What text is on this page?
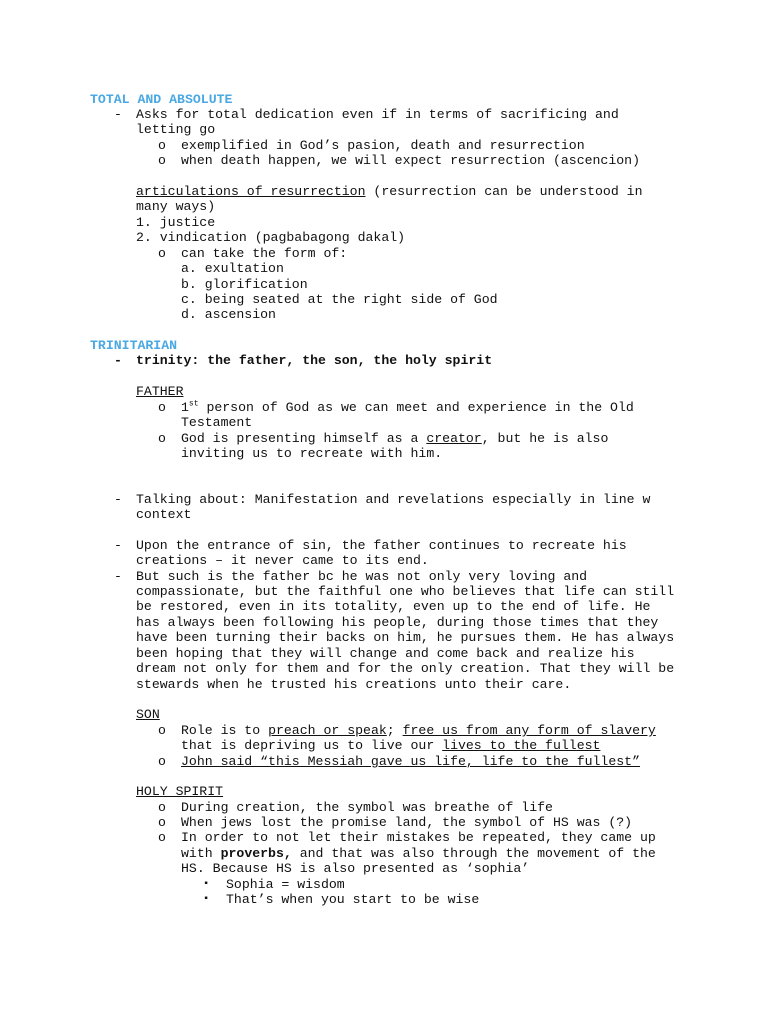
TOTAL AND ABSOLUTE
- Asks for total dedication even if in terms of sacrificing and
letting go
o exemplified in God’s pasion, death and resurrection
o when death happen, we will expect resurrection (ascencion)
articulations of resurrection (resurrection can be understood in
many ways)
1. justice
2. vindication (pagbabagong dakal)
o can take the form of:
a. exultation
b. glorification
c. being seated at the right side of God
d. ascension
TRINITARIAN
- trinity: the father, the son, the holy spirit
FATHER
o 1st person of God as we can meet and experience in the Old
Testament
o God is presenting himself as a creator, but he is also
inviting us to recreate with him.
- Talking about: Manifestation and revelations especially in line w
context
- Upon the entrance of sin, the father continues to recreate his
creations – it never came to its end.
- But such is the father bc he was not only very loving and
compassionate, but the faithful one who believes that life can still
be restored, even in its totality, even up to the end of life. He
has always been following his people, during those times that they
have been turning their backs on him, he pursues them. He has always
been hoping that they will change and come back and realize his
dream not only for them and for the only creation. That they will be
stewards when he trusted his creations unto their care.
SON
o Role is to preach or speak; free us from any form of slavery
that is depriving us to live our lives to the fullest
o John said “this Messiah gave us life, life to the fullest”
HOLY SPIRIT
o During creation, the symbol was breathe of life
o When jews lost the promise land, the symbol of HS was (?)
o In order to not let their mistakes be repeated, they came up
with proverbs, and that was also through the movement of the
HS. Because HS is also presented as ‘sophia’
▪ Sophia = wisdom
▪ That’s when you start to be wise
